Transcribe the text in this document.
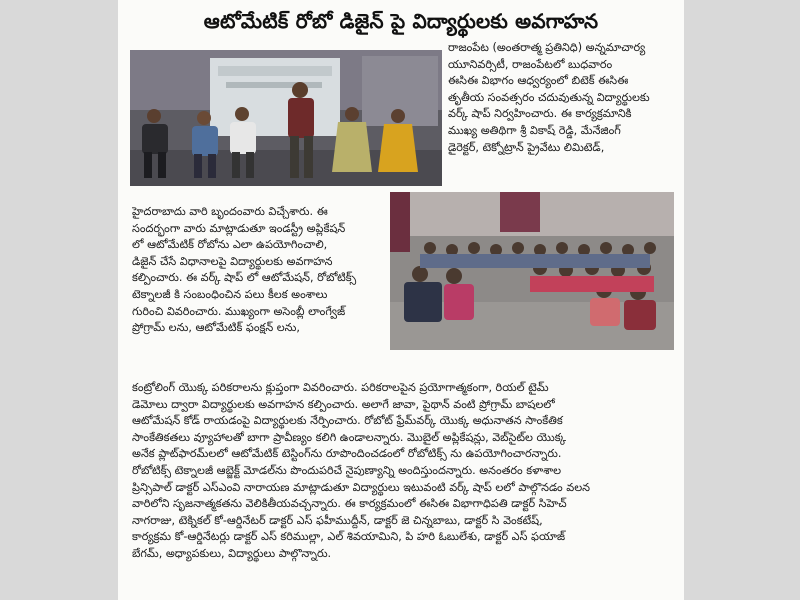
ఆటోమేటిక్ రోబో డిజైన్ పై విద్యార్థులకు అవగాహన

రాజంపేట (అంతరాత్మ ప్రతినిధి) అన్నమాచార్య
యూనివర్సిటీ, రాజంపేటలో బుధవారం
ఈసిఈ విభాగం ఆధ్వర్యంలో బిటెక్ ఈసిఈ
తృతీయ సంవత్సరం చదువుతున్న విద్యార్థులకు
వర్క్ షాప్ నిర్వహించారు. ఈ కార్యక్రమానికి
ముఖ్య అతిథిగా శ్రీ వికాష్ రెడ్డి, మేనేజింగ్
డైరెక్టర్, టెక్నోట్రాన్ ప్రైవేటు లిమిటెడ్,

హైదరాబాదు వారి బృందంవారు విచ్చేశారు. ఈ
సందర్భంగా వారు మాట్లాడుతూ ఇండస్ట్రీ అప్లికేషన్
లో ఆటోమేటిక్ రోబోను ఎలా ఉపయోగించాలి,
డిజైన్ చేసే విధానాలపై విద్యార్థులకు అవగాహన
కల్పించారు. ఈ వర్క్ షాప్ లో ఆటోమేషన్, రోబోటిక్స్
టెక్నాలజీ కి సంబంధించిన పలు కీలక అంశాలు
గురించి వివరించారు. ముఖ్యంగా అసెంబ్లీ లాంగ్వేజ్
ప్రోగ్రామ్ లను, ఆటోమేటిక్ ఫంక్షన్ లను,

కంట్రోలింగ్ యొక్క పరికరాలను క్లుప్తంగా వివరించారు. పరికరాలపైన ప్రయోగాత్మకంగా, రియల్ టైమ్
డెమోలు ద్వారా విద్యార్థులకు అవగాహన కల్పించారు. అలాగే జావా, పైథాన్ వంటి ప్రోగ్రామ్ బాషలలో
ఆటోమేషన్ కోడ్ రాయడంపై విద్యార్థులకు నేర్పించారు. రోబోట్ ఫ్రేమ్‌వర్క్ యొక్క అధునాతన సాంకేతిక
సాంకేతికతలు వ్యూహాలతో బాగా ప్రావీణ్యం కలిగి ఉండాలన్నారు. మొబైల్ అప్లికేషన్లు, వెబ్‌సైట్‌ల యొక్క
అనేక ప్లాట్‌ఫారమ్‌లలో ఆటోమేటిక్ టెస్టింగ్‌ను రూపొందించడంలో రోబోటిక్స్ ను ఉపయోగించారన్నారు.
రోబోటిక్స్ టెక్నాలజీ ఆబ్జెక్ట్ మోడల్‌ను పొందుపరిచే నైపుణ్యాన్ని అందిస్తుందన్నారు. అనంతరం కళాశాల
ప్రిన్సిపాల్ డాక్టర్ ఎస్ఎంవి నారాయణ మాట్లాడుతూ విద్యార్థులు ఇటువంటి వర్క్ షాప్ లలో పాల్గొనడం వలన
వారిలోని సృజనాత్మకతను వెలికితీయవచ్చన్నారు. ఈ కార్యక్రమంలో ఈసిఈ విభాగాధిపతి డాక్టర్ సిహెచ్
నాగరాజు, టెక్నికల్ కో-ఆర్డినేటర్ డాక్టర్ ఎస్ ఫహీముద్దీన్, డాక్టర్ జె చిన్నబాబు, డాక్టర్ సి వెంకటేష్,
కార్యక్రమ కో-ఆర్డినేటర్లు డాక్టర్ ఎస్ కరిముల్లా, ఎల్ శివయామిని, పి హరి ఓబులేశు, డాక్టర్ ఎస్ ఫయాజ్
బేగమ్, అధ్యాపకులు, విద్యార్థులు పాల్గొన్నారు.
